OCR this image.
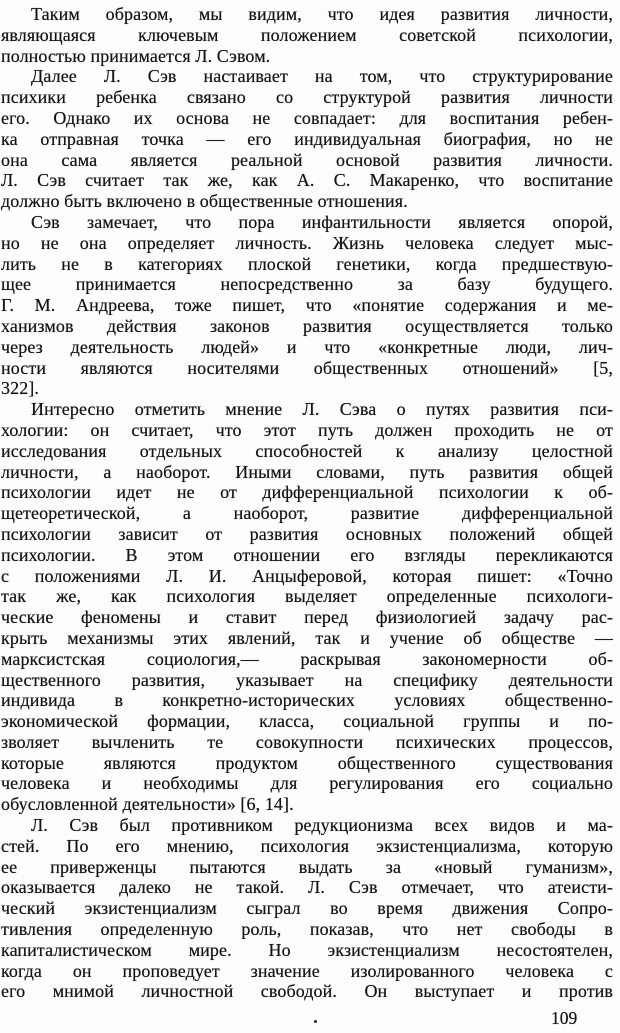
Таким образом, мы видим, что идея развития личности,
являющаяся ключевым положением советской психологии,
полностью принимается Л. Сэвом.
Далее Л. Сэв настаивает на том, что структурирование
психики ребенка связано со структурой развития личности
его. Однако их основа не совпадает: для воспитания ребен-
ка отправная точка — его индивидуальная биография, но не
она сама является реальной основой развития личности.
Л. Сэв считает так же, как А. С. Макаренко, что воспитание
должно быть включено в общественные отношения.
Сэв замечает, что пора инфантильности является опорой,
но не она определяет личность. Жизнь человека следует мыс-
лить не в категориях плоской генетики, когда предшествую-
щее принимается непосредственно за базу будущего.
Г. М. Андреева, тоже пишет, что «понятие содержания и ме-
ханизмов действия законов развития осуществляется только
через деятельность людей» и что «конкретные люди, лич-
ности являются носителями общественных отношений» [5,
322].
Интересно отметить мнение Л. Сэва о путях развития пси-
хологии: он считает, что этот путь должен проходить не от
исследования отдельных способностей к анализу целостной
личности, а наоборот. Иными словами, путь развития общей
психологии идет не от дифференциальной психологии к об-
щетеоретической, а наоборот, развитие дифференциальной
психологии зависит от развития основных положений общей
психологии. В этом отношении его взгляды перекликаются
с положениями Л. И. Анцыферовой, которая пишет: «Точно
так же, как психология выделяет определенные психологи-
ческие феномены и ставит перед физиологией задачу рас-
крыть механизмы этих явлений, так и учение об обществе —
марксистская социология,— раскрывая закономерности об-
щественного развития, указывает на специфику деятельности
индивида в конкретно-исторических условиях общественно-
экономической формации, класса, социальной группы и по-
зволяет вычленить те совокупности психических процессов,
которые являются продуктом общественного существования
человека и необходимы для регулирования его социально
обусловленной деятельности» [6, 14].
Л. Сэв был противником редукционизма всех видов и ма-
стей. По его мнению, психология экзистенциализма, которую
ее приверженцы пытаются выдать за «новый гуманизм»,
оказывается далеко не такой. Л. Сэв отмечает, что атеисти-
ческий экзистенциализм сыграл во время движения Сопро-
тивления определенную роль, показав, что нет свободы в
капиталистическом мире. Но экзистенциализм несостоятелен,
когда он проповедует значение изолированного человека с
его мнимой личностной свободой. Он выступает и против
109
